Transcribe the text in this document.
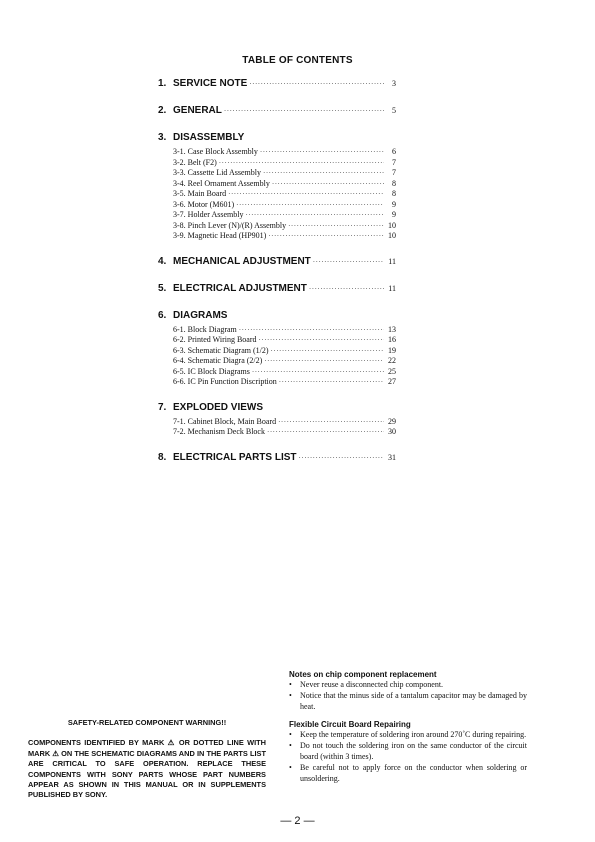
TABLE OF CONTENTS
1. SERVICE NOTE ·····	3
2. GENERAL ·····	5
3. DISASSEMBLY
3-1. Case Block Assembly ·····	6
3-2. Belt (F2) ·····	7
3-3. Cassette Lid Assembly ·····	7
3-4. Reel Ornament Assembly ·····	8
3-5. Main Board ·····	8
3-6. Motor (M601) ·····	9
3-7. Holder Assembly ·····	9
3-8. Pinch Lever (N)/(R) Assembly ·····	10
3-9. Magnetic Head (HP901) ·····	10
4. MECHANICAL ADJUSTMENT ·····	11
5. ELECTRICAL ADJUSTMENT ·····	11
6. DIAGRAMS
6-1. Block Diagram ·····	13
6-2. Printed Wiring Board ·····	16
6-3. Schematic Diagram (1/2) ·····	19
6-4. Schematic Diagra (2/2) ·····	22
6-5. IC Block Diagrams ·····	25
6-6. IC Pin Function Discription ·····	27
7. EXPLODED VIEWS
7-1. Cabinet Block, Main Board ·····	29
7-2. Mechanism Deck Block ·····	30
8. ELECTRICAL PARTS LIST ·····	31
SAFETY-RELATED COMPONENT WARNING!!
COMPONENTS IDENTIFIED BY MARK ⚠ OR DOTTED LINE WITH MARK ⚠ ON THE SCHEMATIC DIAGRAMS AND IN THE PARTS LIST ARE CRITICAL TO SAFE OPERATION. REPLACE THESE COMPONENTS WITH SONY PARTS WHOSE PART NUMBERS APPEAR AS SHOWN IN THIS MANUAL OR IN SUPPLEMENTS PUBLISHED BY SONY.
Notes on chip component replacement
• Never reuse a disconnected chip component.
• Notice that the minus side of a tantalum capacitor may be damaged by heat.
Flexible Circuit Board Repairing
• Keep the temperature of soldering iron around 270˚C during repairing.
• Do not touch the soldering iron on the same conductor of the circuit board (within 3 times).
• Be careful not to apply force on the conductor when soldering or unsoldering.
— 2 —
